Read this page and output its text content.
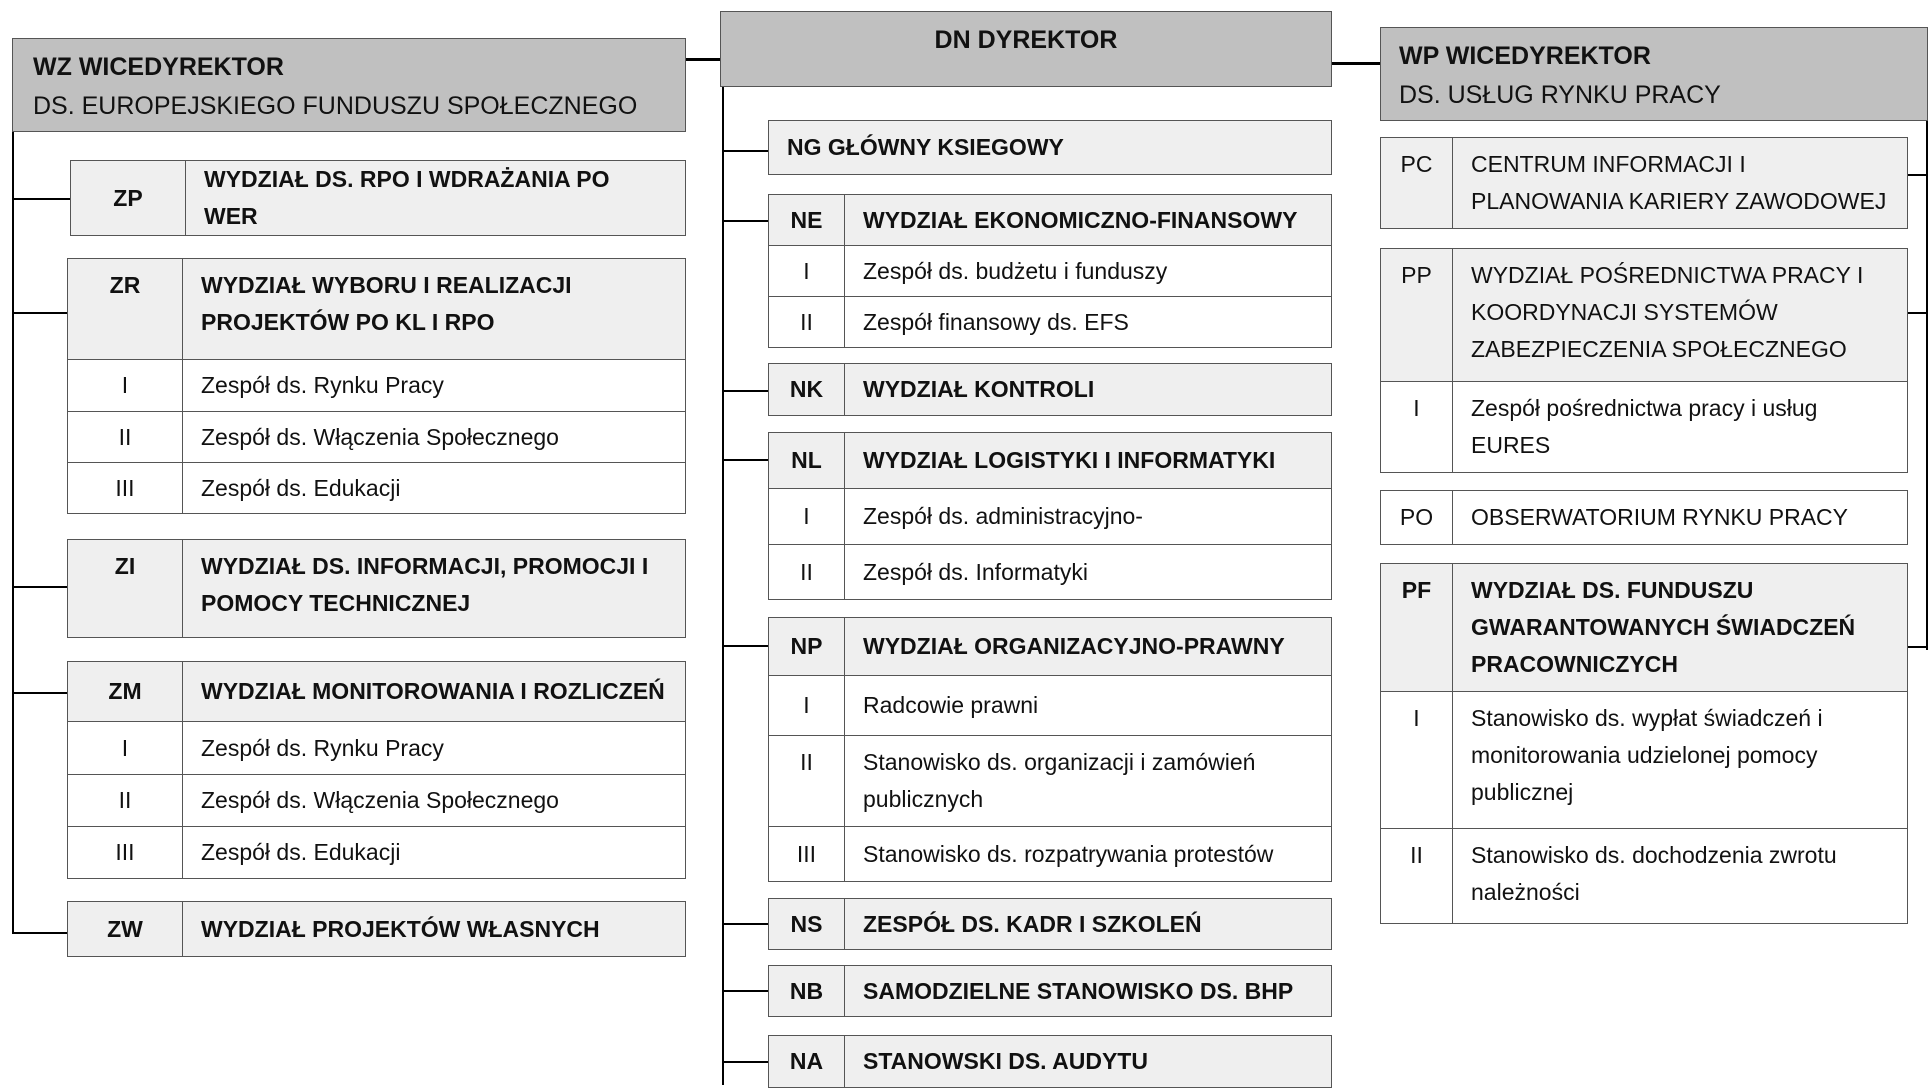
WZ WICEDYREKTOR
DS. EUROPEJSKIEGO FUNDUSZU SPOŁECZNEGO
DN DYREKTOR
WP WICEDYREKTOR
DS. USŁUG RYNKU PRACY
ZP	WYDZIAŁ DS. RPO I WDRAŻANIA PO WER
ZR	WYDZIAŁ WYBORU I REALIZACJI PROJEKTÓW PO KL I RPO
I	Zespół ds. Rynku Pracy
II	Zespół ds. Włączenia Społecznego
III	Zespół ds. Edukacji
ZI	WYDZIAŁ DS. INFORMACJI, PROMOCJI I POMOCY TECHNICZNEJ
ZM	WYDZIAŁ MONITOROWANIA I ROZLICZEŃ
I	Zespół ds. Rynku Pracy
II	Zespół ds. Włączenia Społecznego
III	Zespół ds. Edukacji
ZW	WYDZIAŁ PROJEKTÓW WŁASNYCH
NG GŁÓWNY KSIEGOWY
NE	WYDZIAŁ EKONOMICZNO-FINANSOWY
I	Zespół ds. budżetu i funduszy
II	Zespół finansowy ds. EFS
NK	WYDZIAŁ KONTROLI
NL	WYDZIAŁ LOGISTYKI I INFORMATYKI
I	Zespół ds. administracyjno-
II	Zespół ds. Informatyki
NP	WYDZIAŁ ORGANIZACYJNO-PRAWNY
I	Radcowie prawni
II	Stanowisko ds. organizacji i zamówień publicznych
III	Stanowisko ds. rozpatrywania protestów
NS	ZESPÓŁ DS. KADR I SZKOLEŃ
NB	SAMODZIELNE STANOWISKO DS. BHP
NA	STANOWSKI DS. AUDYTU
PC	CENTRUM INFORMACJI I PLANOWANIA KARIERY ZAWODOWEJ
PP	WYDZIAŁ POŚREDNICTWA PRACY I KOORDYNACJI SYSTEMÓW ZABEZPIECZENIA SPOŁECZNEGO
I	Zespół pośrednictwa pracy i usług EURES
PO	OBSERWATORIUM RYNKU PRACY
PF	WYDZIAŁ DS. FUNDUSZU GWARANTOWANYCH ŚWIADCZEŃ PRACOWNICZYCH
I	Stanowisko ds. wypłat świadczeń i monitorowania udzielonej pomocy publicznej
II	Stanowisko ds. dochodzenia zwrotu należności
